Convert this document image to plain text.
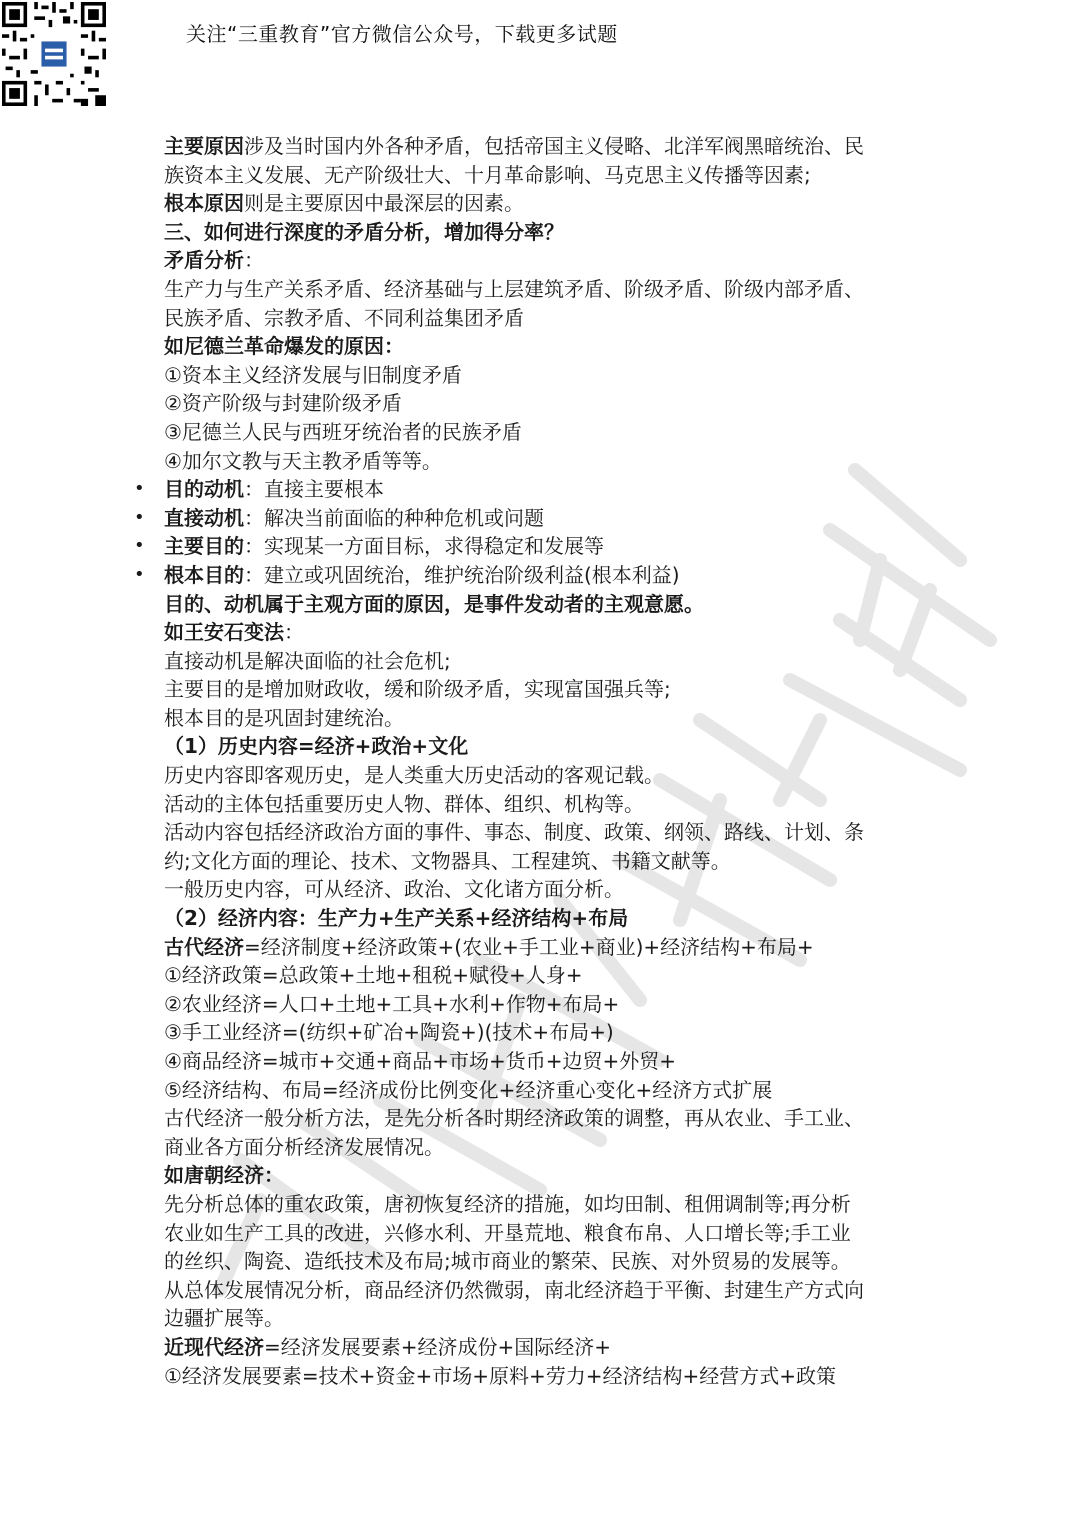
关注“三重教育”官方微信公众号，下载更多试题
主要原因涉及当时国内外各种矛盾，包括帝国主义侵略、北洋军阀黑暗统治、民
族资本主义发展、无产阶级壮大、十月革命影响、马克思主义传播等因素;
根本原因则是主要原因中最深层的因素。
三、如何进行深度的矛盾分析，增加得分率？
矛盾分析：
生产力与生产关系矛盾、经济基础与上层建筑矛盾、阶级矛盾、阶级内部矛盾、
民族矛盾、宗教矛盾、不同利益集团矛盾
如尼德兰革命爆发的原因：
①资本主义经济发展与旧制度矛盾
②资产阶级与封建阶级矛盾
③尼德兰人民与西班牙统治者的民族矛盾
④加尔文教与天主教矛盾等等。
• 目的动机：直接主要根本
• 直接动机：解决当前面临的种种危机或问题
• 主要目的：实现某一方面目标，求得稳定和发展等
• 根本目的：建立或巩固统治，维护统治阶级利益(根本利益)
目的、动机属于主观方面的原因，是事件发动者的主观意愿。
如王安石变法：
直接动机是解决面临的社会危机;
主要目的是增加财政收，缓和阶级矛盾，实现富国强兵等;
根本目的是巩固封建统治。
（1）历史内容=经济+政治+文化
历史内容即客观历史，是人类重大历史活动的客观记载。
活动的主体包括重要历史人物、群体、组织、机构等。
活动内容包括经济政治方面的事件、事态、制度、政策、纲领、路线、计划、条
约;文化方面的理论、技术、文物器具、工程建筑、书籍文献等。
一般历史内容，可从经济、政治、文化诸方面分析。
（2）经济内容：生产力+生产关系+经济结构+布局
古代经济=经济制度+经济政策+(农业+手工业+商业)+经济结构+布局+
①经济政策=总政策+土地+租税+赋役+人身+
②农业经济=人口+土地+工具+水利+作物+布局+
③手工业经济=(纺织+矿冶+陶瓷+)(技术+布局+)
④商品经济=城市+交通+商品+市场+货币+边贸+外贸+
⑤经济结构、布局=经济成份比例变化+经济重心变化+经济方式扩展
古代经济一般分析方法，是先分析各时期经济政策的调整，再从农业、手工业、
商业各方面分析经济发展情况。
如唐朝经济：
先分析总体的重农政策，唐初恢复经济的措施，如均田制、租佣调制等;再分析
农业如生产工具的改进，兴修水利、开垦荒地、粮食布帛、人口增长等;手工业
的丝织、陶瓷、造纸技术及布局;城市商业的繁荣、民族、对外贸易的发展等。
从总体发展情况分析，商品经济仍然微弱，南北经济趋于平衡、封建生产方式向
边疆扩展等。
近现代经济=经济发展要素+经济成份+国际经济+
①经济发展要素=技术+资金+市场+原料+劳力+经济结构+经营方式+政策
